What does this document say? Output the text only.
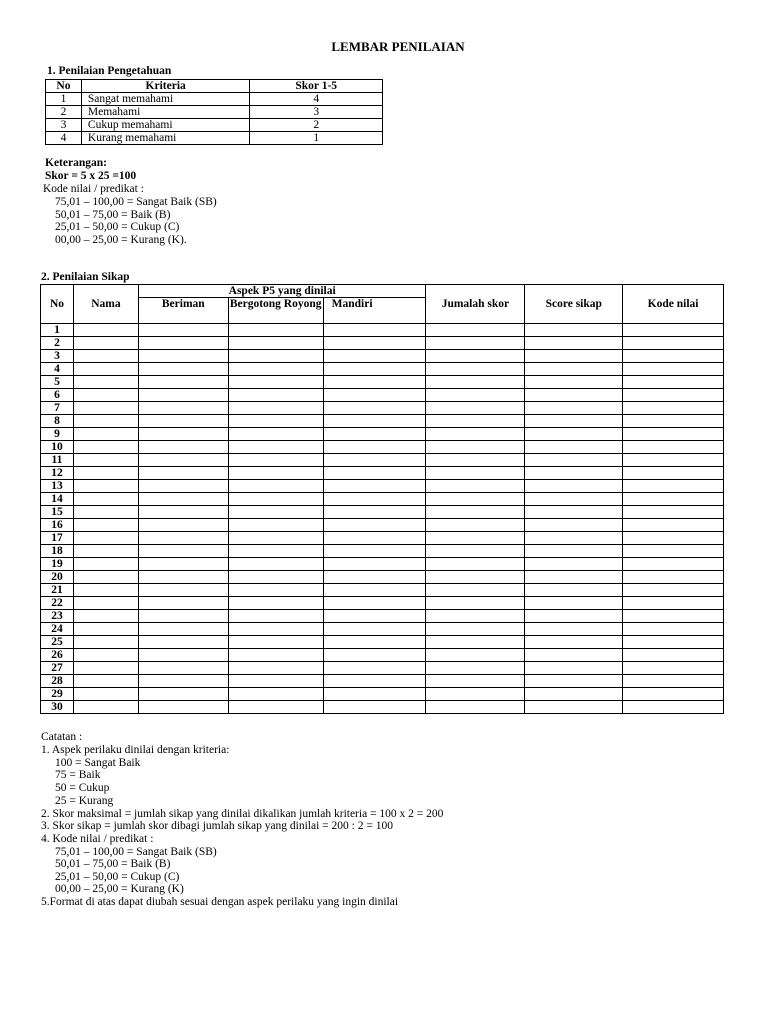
LEMBAR PENILAIAN
1. Penilaian Pengetahuan
No	Kriteria	Skor 1-5
1	Sangat memahami	4
2	Memahami	3
3	Cukup memahami	2
4	Kurang memahami	1
Keterangan:
Skor = 5 x 25 =100
Kode nilai / predikat :
75,01 – 100,00 = Sangat Baik (SB)
50,01 – 75,00 = Baik (B)
25,01 – 50,00 = Cukup (C)
00,00 – 25,00 = Kurang (K).
2. Penilaian Sikap
No	Nama	Aspek P5 yang dinilai			Jumalah skor	Score sikap	Kode nilai
		Beriman	Bergotong Royong	Mandiri			
1							
2							
3							
4							
5							
6							
7							
8							
9							
10							
11							
12							
13							
14							
15							
16							
17							
18							
19							
20							
21							
22							
23							
24							
25							
26							
27							
28							
29							
30							
Catatan :
1. Aspek perilaku dinilai dengan kriteria:
100 = Sangat Baik
75 = Baik
50 = Cukup
25 = Kurang
2. Skor maksimal = jumlah sikap yang dinilai dikalikan jumlah kriteria = 100 x 2 = 200
3. Skor sikap = jumlah skor dibagi jumlah sikap yang dinilai = 200 : 2 = 100
4. Kode nilai / predikat :
75,01 – 100,00 = Sangat Baik (SB)
50,01 – 75,00 = Baik (B)
25,01 – 50,00 = Cukup (C)
00,00 – 25,00 = Kurang (K)
5.Format di atas dapat diubah sesuai dengan aspek perilaku yang ingin dinilai
